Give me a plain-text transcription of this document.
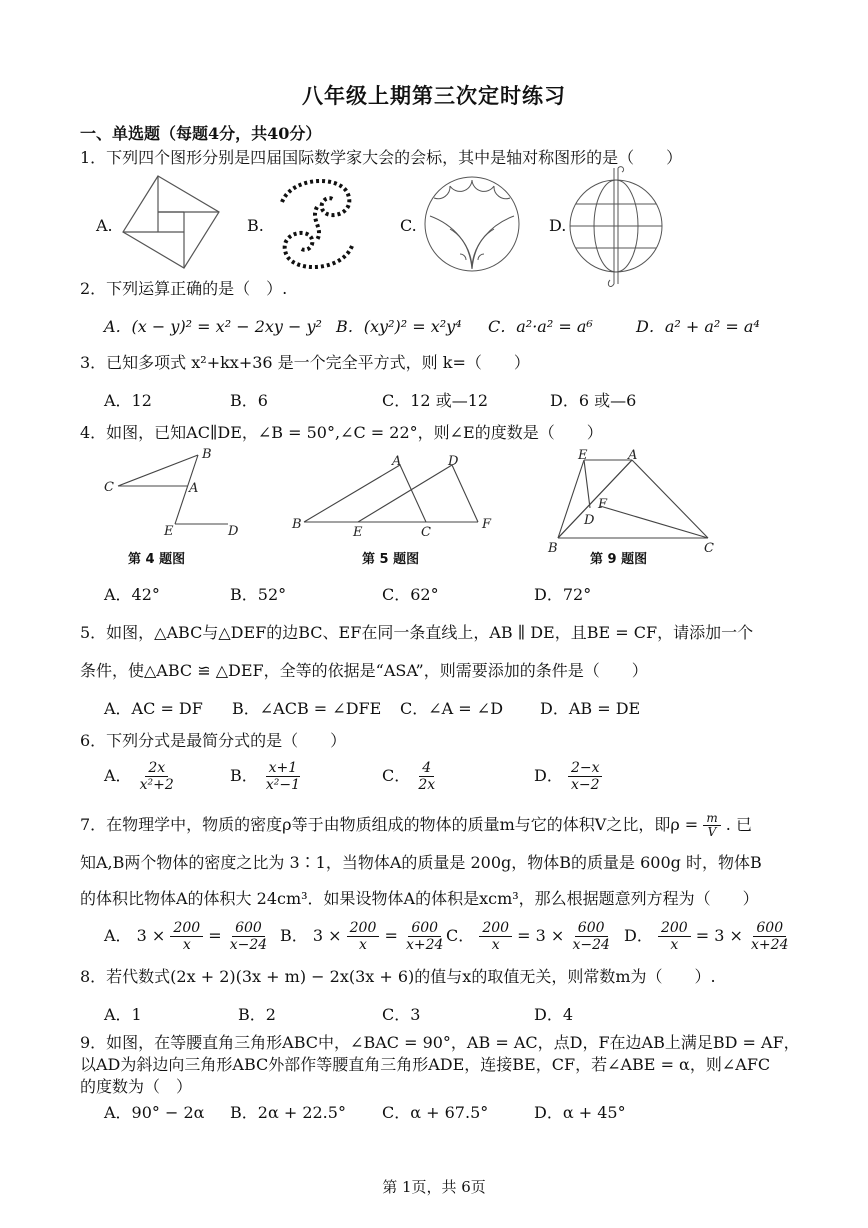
八年级上期第三次定时练习
一、单选题（每题4分，共40分）
1．下列四个图形分别是四届国际数学家大会的会标，其中是轴对称图形的是（　　）
A.	B.	C.	D.
2．下列运算正确的是（　）.
A．(x − y)² = x² − 2xy − y² B．(xy²)² = x²y⁴ C．a²·a² = a⁶	D．a² + a² = a⁴
3．已知多项式 x²+kx+36 是一个完全平方式，则 k=（　　）
A．12	B．6	C．12 或—12	D．6 或—6
4．如图，已知AC∥DE，∠B = 50°,∠C = 22°，则∠E的度数是（　　）
C
B
A
E	D
第 4 题图
B
A	D
E	C
F
第 5 题图
E	A
F
D
B	C
第 9 题图
A．42°	B．52°	C．62°	D．72°
5．如图，△ABC与△DEF的边BC、EF在同一条直线上，AB ∥ DE，且BE = CF，请添加一个
条件，使△ABC ≌ △DEF，全等的依据是“ASA”，则需要添加的条件是（　　）
A．AC = DF B．∠ACB = ∠DFE C．∠A = ∠D D．AB = DE
6．下列分式是最简分式的是（　　）
A． $\frac{2x}{\text{x²+2}}$	B． $\frac{x+1}{\text{x²−1}}$	C． $\frac{4}{2x}$	D． $\frac{2-x}{x-2}$
7．在物理学中，物质的密度ρ等于由物质组成的物体的质量m与它的体积V之比，即$\rho = \frac{m}{V}$ . 已
知A,B两个物体的密度之比为 3∶1，当物体A的质量是 200g，物体B的质量是 600g 时，物体B
的体积比物体A的体积大 24cm³．如果设物体A的体积是xcm³，那么根据题意列方程为（　　）
A． $3 \times \frac{200}{x} = \frac{600}{x-24}$ B． $3 \times \frac{200}{x} = \frac{600}{x+24}$ C． $\frac{200}{x} = 3 \times \frac{600}{x-24}$ D． $\frac{200}{x} = 3 \times \frac{600}{x+24}$
8．若代数式(2x + 2)(3x + m) − 2x(3x + 6)的值与x的取值无关，则常数m为（　　）.
A．1	B．2	C．3	D．4
9．如图，在等腰直角三角形ABC中，∠BAC = 90°，AB = AC，点D，F在边AB上满足BD = AF，
以AD为斜边向三角形ABC外部作等腰直角三角形ADE，连接BE，CF，若∠ABE = α，则∠AFC
的度数为（　）
A．90° − 2α B．2α + 22.5° C．α + 67.5°	D．α + 45°
第 1页，共 6页
